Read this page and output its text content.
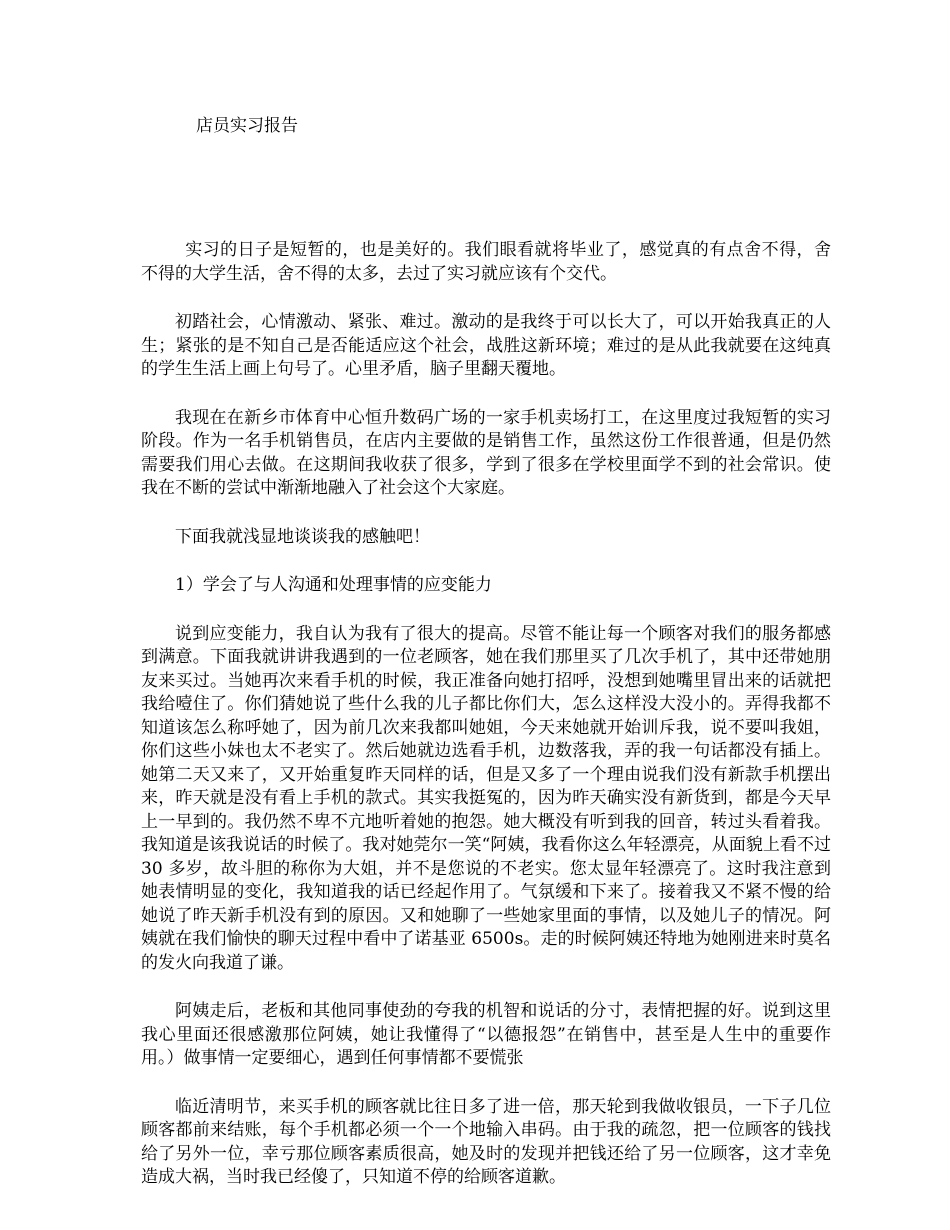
店员实习报告

实习的日子是短暂的，也是美好的。我们眼看就将毕业了，感觉真的有点舍不得，舍不得的大学生活，舍不得的太多，去过了实习就应该有个交代。

初踏社会，心情激动、紧张、难过。激动的是我终于可以长大了，可以开始我真正的人生；紧张的是不知自己是否能适应这个社会，战胜这新环境；难过的是从此我就要在这纯真的学生生活上画上句号了。心里矛盾，脑子里翻天覆地。

我现在在新乡市体育中心恒升数码广场的一家手机卖场打工，在这里度过我短暂的实习阶段。作为一名手机销售员，在店内主要做的是销售工作，虽然这份工作很普通，但是仍然需要我们用心去做。在这期间我收获了很多，学到了很多在学校里面学不到的社会常识。使我在不断的尝试中渐渐地融入了社会这个大家庭。

下面我就浅显地谈谈我的感触吧！

1）学会了与人沟通和处理事情的应变能力

说到应变能力，我自认为我有了很大的提高。尽管不能让每一个顾客对我们的服务都感到满意。下面我就讲讲我遇到的一位老顾客，她在我们那里买了几次手机了，其中还带她朋友来买过。当她再次来看手机的时候，我正准备向她打招呼，没想到她嘴里冒出来的话就把我给噎住了。你们猜她说了些什么我的儿子都比你们大，怎么这样没大没小的。弄得我都不知道该怎么称呼她了，因为前几次来我都叫她姐，今天来她就开始训斥我，说不要叫我姐，你们这些小妹也太不老实了。然后她就边选看手机，边数落我，弄的我一句话都没有插上。她第二天又来了，又开始重复昨天同样的话，但是又多了一个理由说我们没有新款手机摆出来，昨天就是没有看上手机的款式。其实我挺冤的，因为昨天确实没有新货到，都是今天早上一早到的。我仍然不卑不亢地听着她的抱怨。她大概没有听到我的回音，转过头看着我。我知道是该我说话的时候了。我对她莞尔一笑“阿姨，我看你这么年轻漂亮，从面貌上看不过 30 多岁，故斗胆的称你为大姐，并不是您说的不老实。您太显年轻漂亮了。这时我注意到她表情明显的变化，我知道我的话已经起作用了。气氛缓和下来了。接着我又不紧不慢的给她说了昨天新手机没有到的原因。又和她聊了一些她家里面的事情，以及她儿子的情况。阿姨就在我们愉快的聊天过程中看中了诺基亚 6500s。走的时候阿姨还特地为她刚进来时莫名的发火向我道了谦。

阿姨走后，老板和其他同事使劲的夸我的机智和说话的分寸，表情把握的好。说到这里我心里面还很感激那位阿姨，她让我懂得了“以德报怨”在销售中，甚至是人生中的重要作用。）做事情一定要细心，遇到任何事情都不要慌张

临近清明节，来买手机的顾客就比往日多了进一倍，那天轮到我做收银员，一下子几位顾客都前来结账，每个手机都必须一个一个地输入串码。由于我的疏忽，把一位顾客的钱找给了另外一位，幸亏那位顾客素质很高，她及时的发现并把钱还给了另一位顾客，这才幸免造成大祸，当时我已经傻了，只知道不停的给顾客道歉。
